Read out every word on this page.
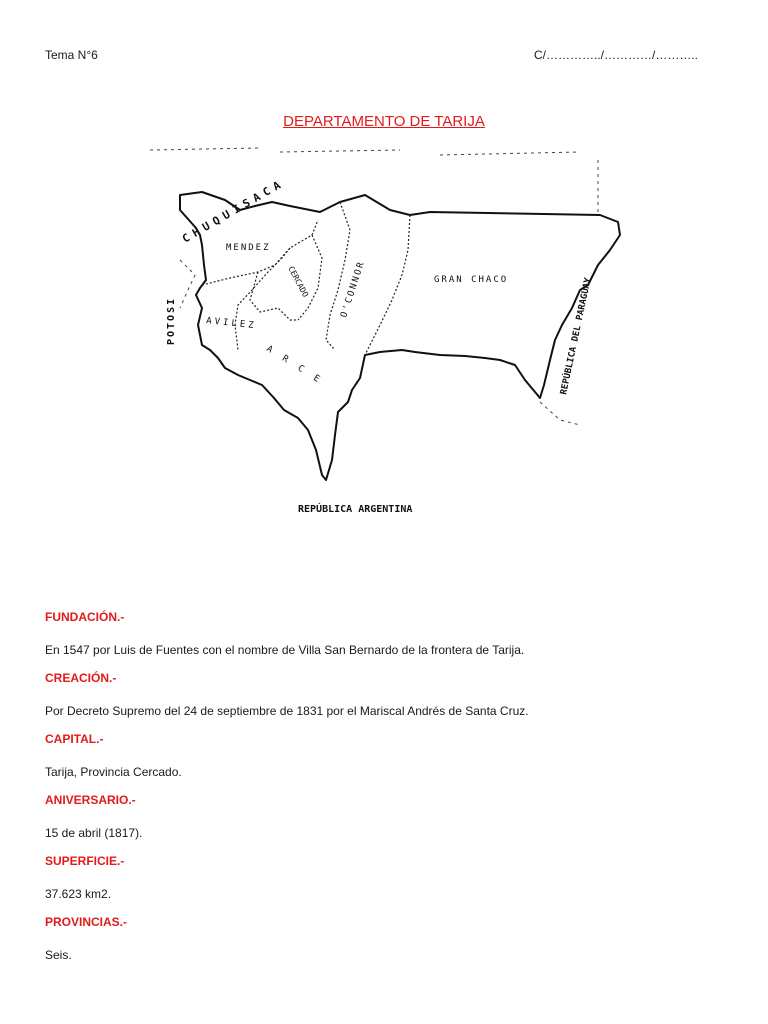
Tema N°6	C/…………../…………/………..
DEPARTAMENTO DE TARIJA
CHUQUISACA
POTOSI	REPÚBLICA DEL PARAGUAY
REPÚBLICA ARGENTINA
MENDEZ
CERCADO	O'CONNOR	GRAN CHACO
AVILEZ
ARCE
FUNDACIÓN.-
En 1547 por Luis de Fuentes con el nombre de Villa San Bernardo de la frontera de Tarija.
CREACIÓN.-
Por Decreto Supremo del 24 de septiembre de 1831 por el Mariscal Andrés de Santa Cruz.
CAPITAL.-
Tarija, Provincia Cercado.
ANIVERSARIO.-
15 de abril (1817).
SUPERFICIE.-
37.623 km2.
PROVINCIAS.-
Seis.
